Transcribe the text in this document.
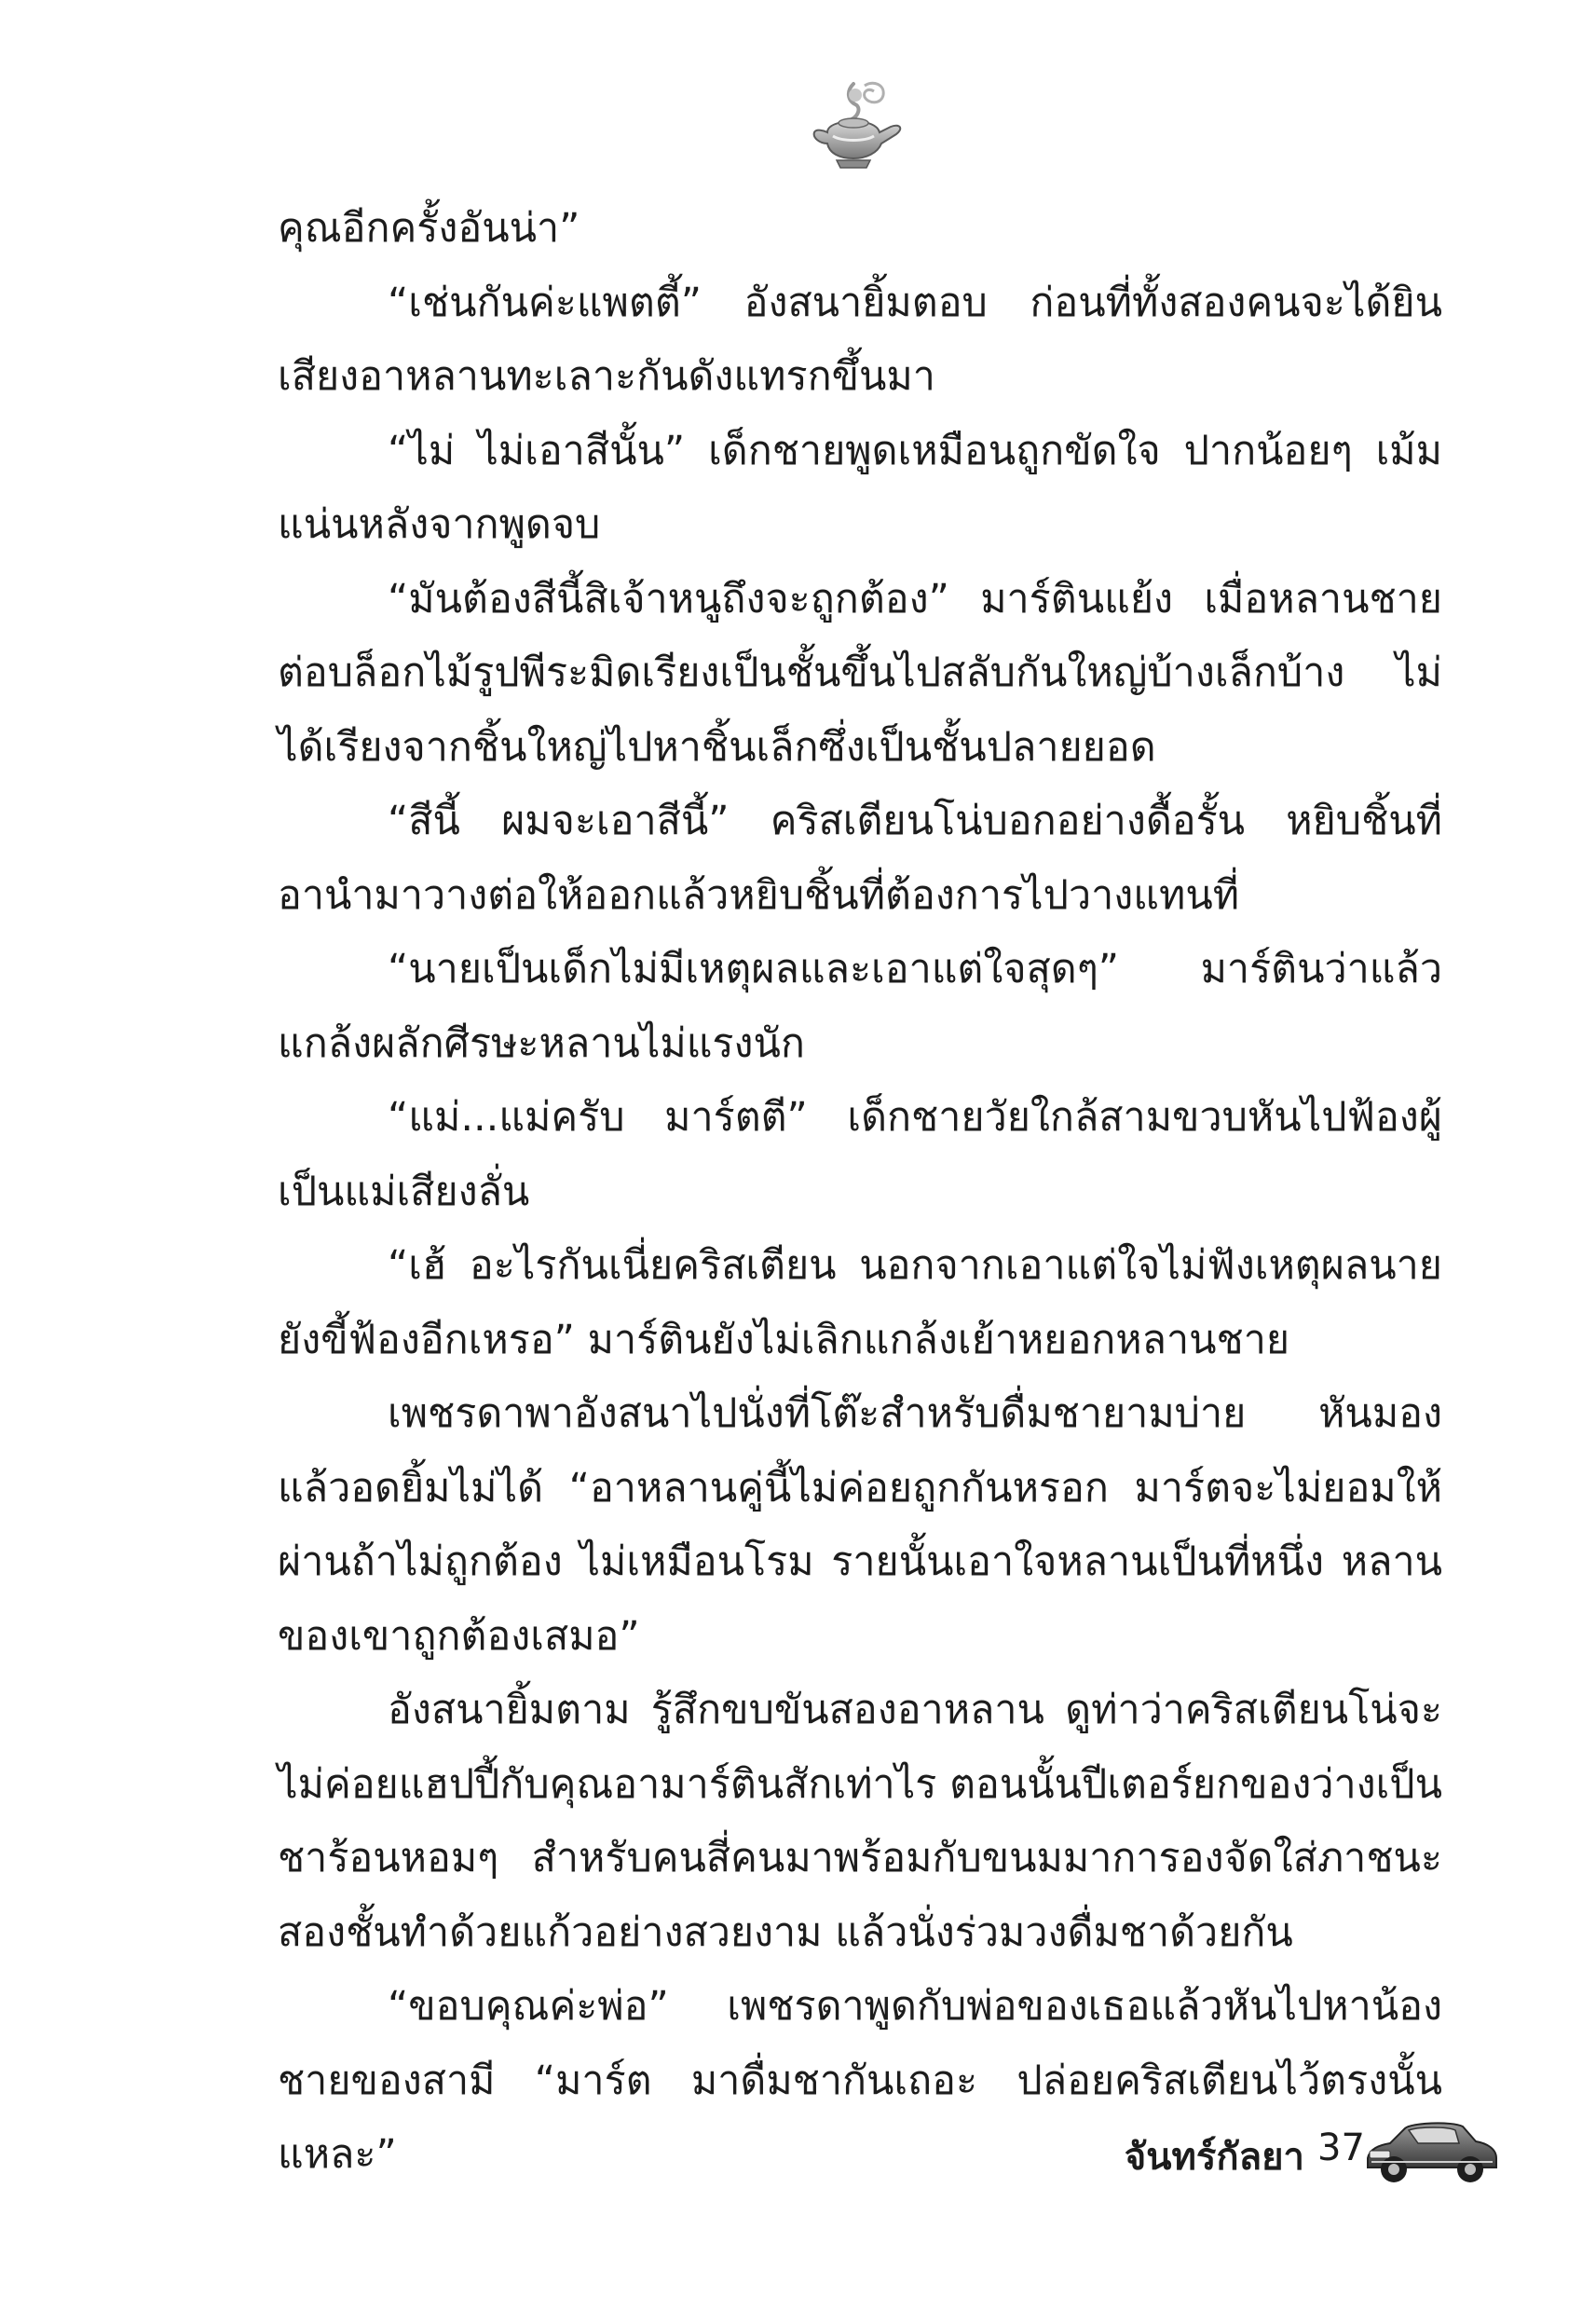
คุณอีกครั้งอันน่า”

“เช่นกันค่ะแพตตี้” อังสนายิ้มตอบ ก่อนที่ทั้งสองคนจะได้ยินเสียงอาหลานทะเลาะกันดังแทรกขึ้นมา

“ไม่ ไม่เอาสีนั้น” เด็กชายพูดเหมือนถูกขัดใจ ปากน้อยๆ เม้มแน่นหลังจากพูดจบ

“มันต้องสีนี้สิเจ้าหนูถึงจะถูกต้อง” มาร์ตินแย้ง เมื่อหลานชายต่อบล็อกไม้รูปพีระมิดเรียงเป็นชั้นขึ้นไปสลับกันใหญ่บ้างเล็กบ้าง ไม่ได้เรียงจากชิ้นใหญ่ไปหาชิ้นเล็กซึ่งเป็นชั้นปลายยอด

“สีนี้ ผมจะเอาสีนี้” คริสเตียนโน่บอกอย่างดื้อรั้น หยิบชิ้นที่อานำมาวางต่อให้ออกแล้วหยิบชิ้นที่ต้องการไปวางแทนที่

“นายเป็นเด็กไม่มีเหตุผลและเอาแต่ใจสุดๆ” มาร์ตินว่าแล้วแกล้งผลักศีรษะหลานไม่แรงนัก

“แม่...แม่ครับ มาร์ตตี” เด็กชายวัยใกล้สามขวบหันไปฟ้องผู้เป็นแม่เสียงลั่น

“เฮ้ อะไรกันเนี่ยคริสเตียน นอกจากเอาแต่ใจไม่ฟังเหตุผลนายยังขี้ฟ้องอีกเหรอ” มาร์ตินยังไม่เลิกแกล้งเย้าหยอกหลานชาย

เพชรดาพาอังสนาไปนั่งที่โต๊ะสำหรับดื่มชายามบ่าย หันมองแล้วอดยิ้มไม่ได้ “อาหลานคู่นี้ไม่ค่อยถูกกันหรอก มาร์ตจะไม่ยอมให้ผ่านถ้าไม่ถูกต้อง ไม่เหมือนโรม รายนั้นเอาใจหลานเป็นที่หนึ่ง หลานของเขาถูกต้องเสมอ”

อังสนายิ้มตาม รู้สึกขบขันสองอาหลาน ดูท่าว่าคริสเตียนโน่จะไม่ค่อยแฮปปี้กับคุณอามาร์ตินสักเท่าไร ตอนนั้นปีเตอร์ยกของว่างเป็นชาร้อนหอมๆ สำหรับคนสี่คนมาพร้อมกับขนมมาการองจัดใส่ภาชนะสองชั้นทำด้วยแก้วอย่างสวยงาม แล้วนั่งร่วมวงดื่มชาด้วยกัน

“ขอบคุณค่ะพ่อ” เพชรดาพูดกับพ่อของเธอแล้วหันไปหาน้องชายของสามี “มาร์ต มาดื่มชากันเถอะ ปล่อยคริสเตียนไว้ตรงนั้นแหละ”	จันทร์กัลยา 37
